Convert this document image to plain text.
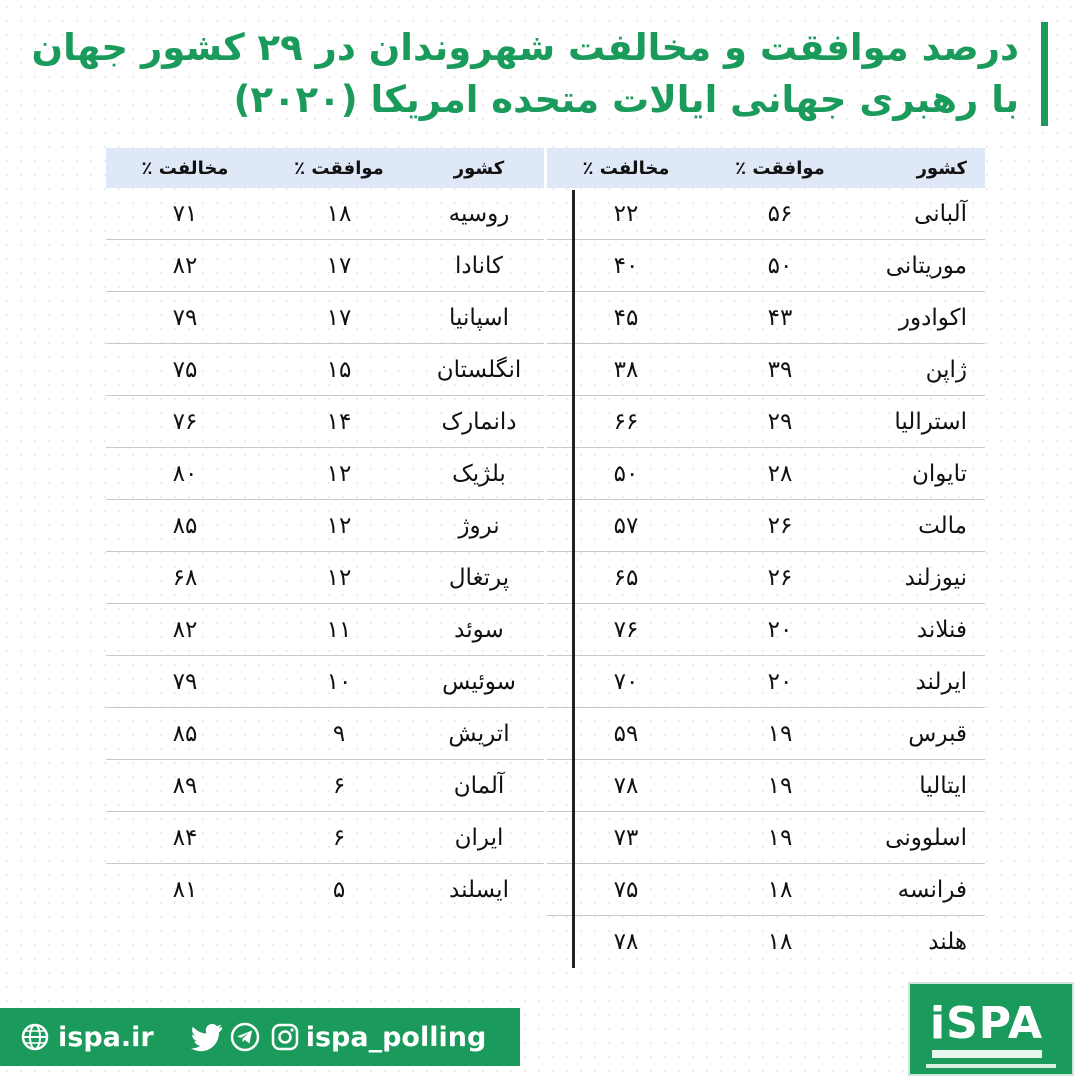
درصد موافقت و مخالفت شهروندان در ۲۹ کشور جهان
با رهبری جهانی ایالات متحده امریکا (۲۰۲۰)
کشور
موافقت ٪
مخالفت ٪
آلبانی
۵۶
۲۲
موریتانی
۵۰
۴۰
اکوادور
۴۳
۴۵
ژاپن
۳۹
۳۸
استرالیا
۲۹
۶۶
تایوان
۲۸
۵۰
مالت
۲۶
۵۷
نیوزلند
۲۶
۶۵
فنلاند
۲۰
۷۶
ایرلند
۲۰
۷۰
قبرس
۱۹
۵۹
ایتالیا
۱۹
۷۸
اسلوونی
۱۹
۷۳
فرانسه
۱۸
۷۵
هلند
۱۸
۷۸
کشور
موافقت ٪
مخالفت ٪
روسیه
۱۸
۷۱
کانادا
۱۷
۸۲
اسپانیا
۱۷
۷۹
انگلستان
۱۵
۷۵
دانمارک
۱۴
۷۶
بلژیک
۱۲
۸۰
نروژ
۱۲
۸۵
پرتغال
۱۲
۶۸
سوئد
۱۱
۸۲
سوئیس
۱۰
۷۹
اتریش
۹
۸۵
آلمان
۶
۸۹
ایران
۶
۸۴
ایسلند
۵
۸۱
ispa.ir	ispa_polling	iSPA
